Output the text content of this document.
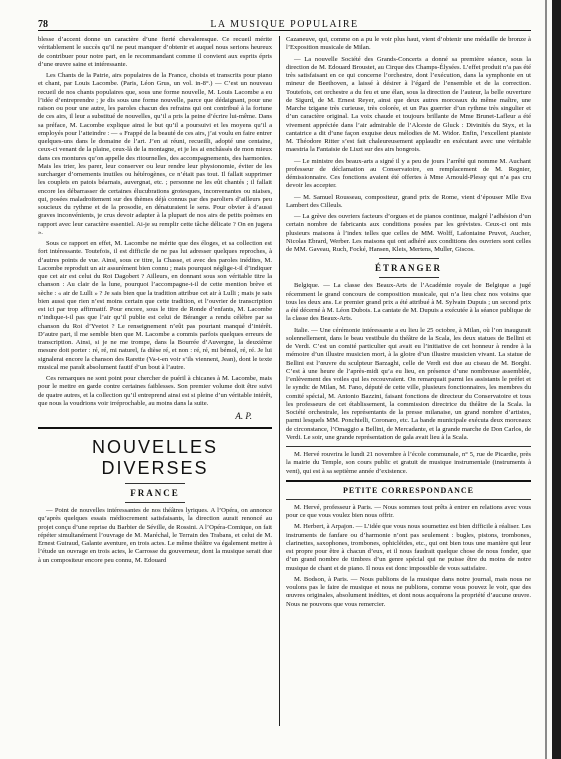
78	LA MUSIQUE POPULAIRE

blesse d’accent donne un caractère d’une fierté chevaleresque. Ce recueil mérite véritablement le succès qu’il ne peut manquer d’obtenir et auquel nous serions heureux de contribuer pour notre part, en le recommandant comme il convient aux esprits épris d’une œuvre saine et intéressante.

Les Chants de la Patrie, airs populaires de la France, choisis et transcrits pour piano et chant, par Louis Lacombe. (Paris, Léon Grus, un vol. in-8°.) — C’est un nouveau recueil de nos chants populaires que, sous une forme nouvelle, M. Louis Lacombe a eu l’idée d’entreprendre ; je dis sous une forme nouvelle, parce que dédaignant, pour une raison ou pour une autre, les paroles chacun des refrains qui ont contribué à la fortune de ces airs, il leur a substitué de nouvelles, qu’il a pris la peine d’écrire lui-même. Dans sa préface, M. Lacombe explique ainsi le but qu’il a poursuivi et les moyens qu’il a employés pour l’atteindre : — « Frappé de la beauté de ces airs, j’ai voulu en faire entrer quelques-uns dans le domaine de l’art. J’en ai réuni, recueilli, adopté une centaine, ceux-ci venant de la plaine, ceux-là de la montagne, et je les ai enchâssés de mon mieux dans ces montures qu’on appelle des ritournelles, des accompagnements, des harmonies. Mais les trier, les parer, leur conserver ou leur rendre leur physionomie, éviter de les surcharger d’ornements inutiles ou hétérogènes, ce n’était pas tout. Il fallait supprimer les couplets en patois béarnais, auvergnat, etc. ; personne ne les eût chantés ; il fallait encore les débarrasser de certaines élucubrations grotesques, inconvenantes ou niaises, qui, posées maladroitement sur des thèmes déjà connus par des paroliers d’ailleurs peu soucieux du rythme et de la prosodie, en dénaturaient le sens. Pour obvier à d’aussi graves inconvénients, je crus devoir adapter à la plupart de nos airs de petits poèmes en rapport avec leur caractère essentiel. Ai-je su remplir cette tâche délicate ? On en jugera ».

Sous ce rapport en effet, M. Lacombe ne mérite que des éloges, et sa collection est fort intéressante. Toutefois, il est difficile de ne pas lui adresser quelques reproches, à d’autres points de vue. Ainsi, sous ce titre, la Chasse, et avec des paroles inédites, M. Lacombe reproduit un air assurément bien connu ; mais pourquoi néglige-t-il d’indiquer que cet air est celui du Roi Dagobert ? Ailleurs, en donnant sous son véritable titre la chanson : Au clair de la lune, pourquoi l’accompagne-t-il de cette mention brève et sèche : « air de Lulli » ? Je sais bien que la tradition attribue cet air à Lulli ; mais je sais bien aussi que rien n’est moins certain que cette tradition, et l’ouvrier de transcription est ici par trop affirmatif. Pour encore, sous le titre de Ronde d’enfants, M. Lacombe n’indique-t-il pas que l’air qu’il publie est celui de Béranger a rendu célèbre par sa chanson du Roi d’Yvetot ? Le renseignement n’eût pas pourtant manqué d’intérêt. D’autre part, il me semble bien que M. Lacombe a commis parfois quelques erreurs de transcription. Ainsi, si je ne me trompe, dans la Bourrée d’Auvergne, la deuxième mesure doit porter : ré, ré, mi naturel, fa dièse ré, et non : ré, ré, mi bémol, ré, ré. Je lui signalerai encore la chanson des Rarette (Va-t-en voir s’ils viennent, Jean), dont le texte musical me paraît absolument fautif d’un bout à l’autre.

Ces remarques ne sont point pour chercher de puéril à chicanes à M. Lacombe, mais pour le mettre en garde contre certaines faiblesses. Son premier volume doit être suivi de quatre autres, et la collection qu’il entreprend ainsi est si pleine d’un véritable intérêt, que nous la voudrions voir irréprochable, au moins dans la suite.

A. P.
NOUVELLES DIVERSES
FRANCE

— Point de nouvelles intéressantes de nos théâtres lyriques. A l’Opéra, on annonce qu’après quelques essais médiocrement satisfaisants, la direction aurait renoncé au projet conçu d’une reprise du Barbier de Séville, de Rossini. A l’Opéra-Comique, on fait répéter simultanément l’ouvrage de M. Maréchal, le Terrain des Trabans, et celui de M. Ernest Guiraud, Galante aventure, en trois actes. Le même théâtre va également mettre à l’étude un ouvrage en trois actes, le Carrosse du gouverneur, dont la musique serait due à un compositeur encore peu connu, M. Edouard

Cazaneuve, qui, comme on a pu le voir plus haut, vient d’obtenir une médaille de bronze à l’Exposition musicale de Milan.

— La nouvelle Société des Grands-Concerts a donné sa première séance, sous la direction de M. Edouard Broustet, au Cirque des Champs-Élysées. L’effet produit n’a pas été très satisfaisant en ce qui concerne l’orchestre, dont l’exécution, dans la symphonie en ut mineur de Beethoven, a laissé à désirer à l’égard de l’ensemble et de la correction. Toutefois, cet orchestre a du feu et une élan, sous la direction de l’auteur, la belle ouverture de Sigurd, de M. Ernest Reyer, ainsi que deux autres morceaux du même maître, une Marche tzigane très curieuse, très colorée, et un Pas guerrier d’un rythme très singulier et d’un caractère original. La voix chaude et toujours brillante de Mme Brunet-Lafleur a été vivement appréciée dans l’air admirable de l’Alceste de Gluck : Divinités du Styx, et la cantatrice a dit d’une façon exquise deux mélodies de M. Widor. Enfin, l’excellent pianiste M. Théodore Ritter s’est fait chaleureusement applaudir en exécutant avec une véritable maestria la Fantaisie de Liszt sur des airs hongrois.

— Le ministre des beaux-arts a signé il y a peu de jours l’arrêté qui nomme M. Auchant professeur de déclamation au Conservatoire, en remplacement de M. Regnier, démissionnaire. Ces fonctions avaient été offertes à Mme Arnould-Plessy qui n’a pas cru devoir les accepter.

— M. Samuel Rousseau, compositeur, grand prix de Rome, vient d’épouser Mlle Eva Lambert des Cilleuls.

— La grève des ouvriers facteurs d’orgues et de pianos continue, malgré l’adhésion d’un certain nombre de fabricants aux conditions posées par les grévistes. Ceux-ci ont mis plusieurs maisons à l’index telles que celles de MM. Wolff, Lafontaine Pruvot, Aucher, Nicolas Ebrard, Werber. Les maisons qui ont adhéré aux conditions des ouvriers sont celles de MM. Gaveau, Ruch, Focké, Hansen, Kleis, Mertens, Muller, Giscos.

ÉTRANGER

Belgique. — La classe des Beaux-Arts de l’Académie royale de Belgique a jugé récemment le grand concours de composition musicale, qui n’a lieu chez nos voisins que tous les deux ans. Le premier grand prix a été attribué à M. Sylvain Dupuis ; un second prix a été décerné à M. Léon Dubois. La cantate de M. Dupuis a exécutée à la séance publique de la classe des Beaux-Arts.

Italie. — Une cérémonie intéressante a eu lieu le 25 octobre, à Milan, où l’on inaugurait solennellement, dans le beau vestibule du théâtre de la Scala, les deux statues de Bellini et de Verdi. C’est un comité particulier qui avait eu l’initiative de cet honneur à rendre à la mémoire d’un illustre musicien mort, à la gloire d’un illustre musicien vivant. La statue de Bellini est l’œuvre du sculpteur Barzaghi, celle de Verdi est due au ciseau de M. Borghi. C’est à une heure de l’après-midi qu’a eu lieu, en présence d’une nombreuse assemblée, l’enlèvement des voiles qui les recouvraient. On remarquait parmi les assistants le préfet et le syndic de Milan, M. Fano, député de cette ville, plusieurs fonctionnaires, les membres du comité spécial, M. Antonio Bazzini, faisant fonctions de directeur du Conservatoire et tous les professeurs de cet établissement, la commission directrice du théâtre de la Scala. la Société orchestrale, les représentants de la presse milanaise, un grand nombre d’artistes, parmi lesquels MM. Ponchielli, Coronaro, etc. La bande municipale exécuta deux morceaux de circonstance, l’Omaggio a Bellini, de Mercadante, et la grande marche de Don Carlos, de Verdi. Le soir, une grande représentation de gala avait lieu à la Scala.

M. Hervé rouvrira le lundi 21 novembre à l’école communale, n° 5, rue de Picardie, près la mairie du Temple, son cours public et gratuit de musique instrumentale (instruments à vent), qui est à sa septième année d’existence.

PETITE CORRESPONDANCE

M. Hervé, professeur à Paris. — Nous sommes tout prêts à entrer en relations avec vous pour ce que vous voulez bien nous offrir.

M. Herbert, à Arpajon. — L’idée que vous nous soumettez est bien difficile à réaliser. Les instruments de fanfare ou d’harmonie n’ont pas seulement : bugles, pistons, trombones, clarinettes, saxophones, trombones, ophicléides, etc., qui ont bien tous une manière qui leur est propre pour être à chacun d’eux, et il nous faudrait quelque chose de nous fonder, que d’un grand nombre de timbres d’un genre spécial qui ne puisse être du moins de notre musique de chant et de piano. Il nous est donc impossible de vous satisfaire.

M. Bodson, à Paris. — Nous publions de la musique dans notre journal, mais nous ne voulons pas le faire de musique et nous ne publions, comme vous pouvez le voir, que des œuvres originales, absolument inédites, et dont nous acquérons la propriété d’aucune œuvre. Nous ne pouvons que vous remercier.
